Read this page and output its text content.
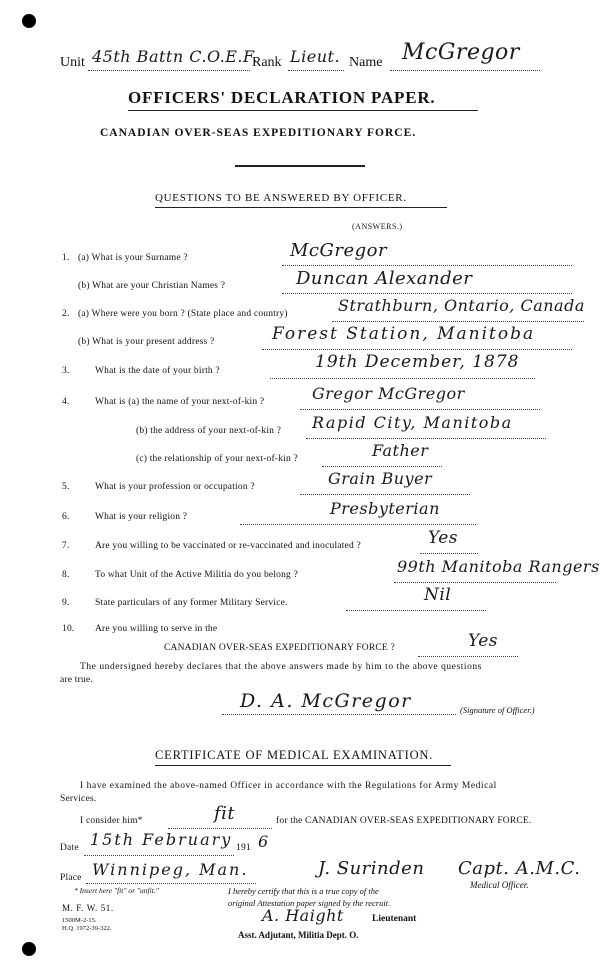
Unit 45th Battn C.O.E.F.
Rank Lieut. Name McGregor
OFFICERS' DECLARATION PAPER.
CANADIAN OVER-SEAS EXPEDITIONARY FORCE.
QUESTIONS TO BE ANSWERED BY OFFICER.
(ANSWERS.)
1. (a) What is your Surname ?	McGregor
(b) What are your Christian Names ?	Duncan Alexander
2. (a) Where were you born ? (State place and country)	Strathburn, Ontario, Canada
(b) What is your present address ?	Forest Station, Manitoba
3.	What is the date of your birth ?	19th December, 1878
4.	What is (a) the name of your next-of-kin ?	Gregor McGregor
(b) the address of your next-of-kin ? Rapid City, Manitoba
(c) the relationship of your next-of-kin ?	Father
5.	What is your profession or occupation ?	Grain Buyer
6.	What is your religion ?	Presbyterian
7.	Are you willing to be vaccinated or re-vaccinated and inoculated ?	Yes
8.	To what Unit of the Active Militia do you belong ?	99th Manitoba Rangers
9.	State particulars of any former Military Service.	Nil
10. Are you willing to serve in the
CANADIAN OVER-SEAS EXPEDITIONARY FORCE ?	Yes
The undersigned hereby declares that the above answers made by him to the above questions
are true.
D. A. McGregor	(Signature of Officer.)
CERTIFICATE OF MEDICAL EXAMINATION.
I have examined the above-named Officer in accordance with the Regulations for Army Medical
Services.
I consider him*	fit	for the CANADIAN OVER-SEAS EXPEDITIONARY FORCE.
Date 15th February 191 6
Place Winnipeg, Man.
* Insert here "fit" or "unfit."
J. Surinden Capt. A.M.C.
Medical Officer.
M. F. W. 51.
1500M-2-15.
H.Q. 1972-39-322.
I hereby certify that this is a true copy of the
original Attestation paper signed by the recruit.
A. Haight	Lieutenant
Asst. Adjutant, Militia Dept. O.
